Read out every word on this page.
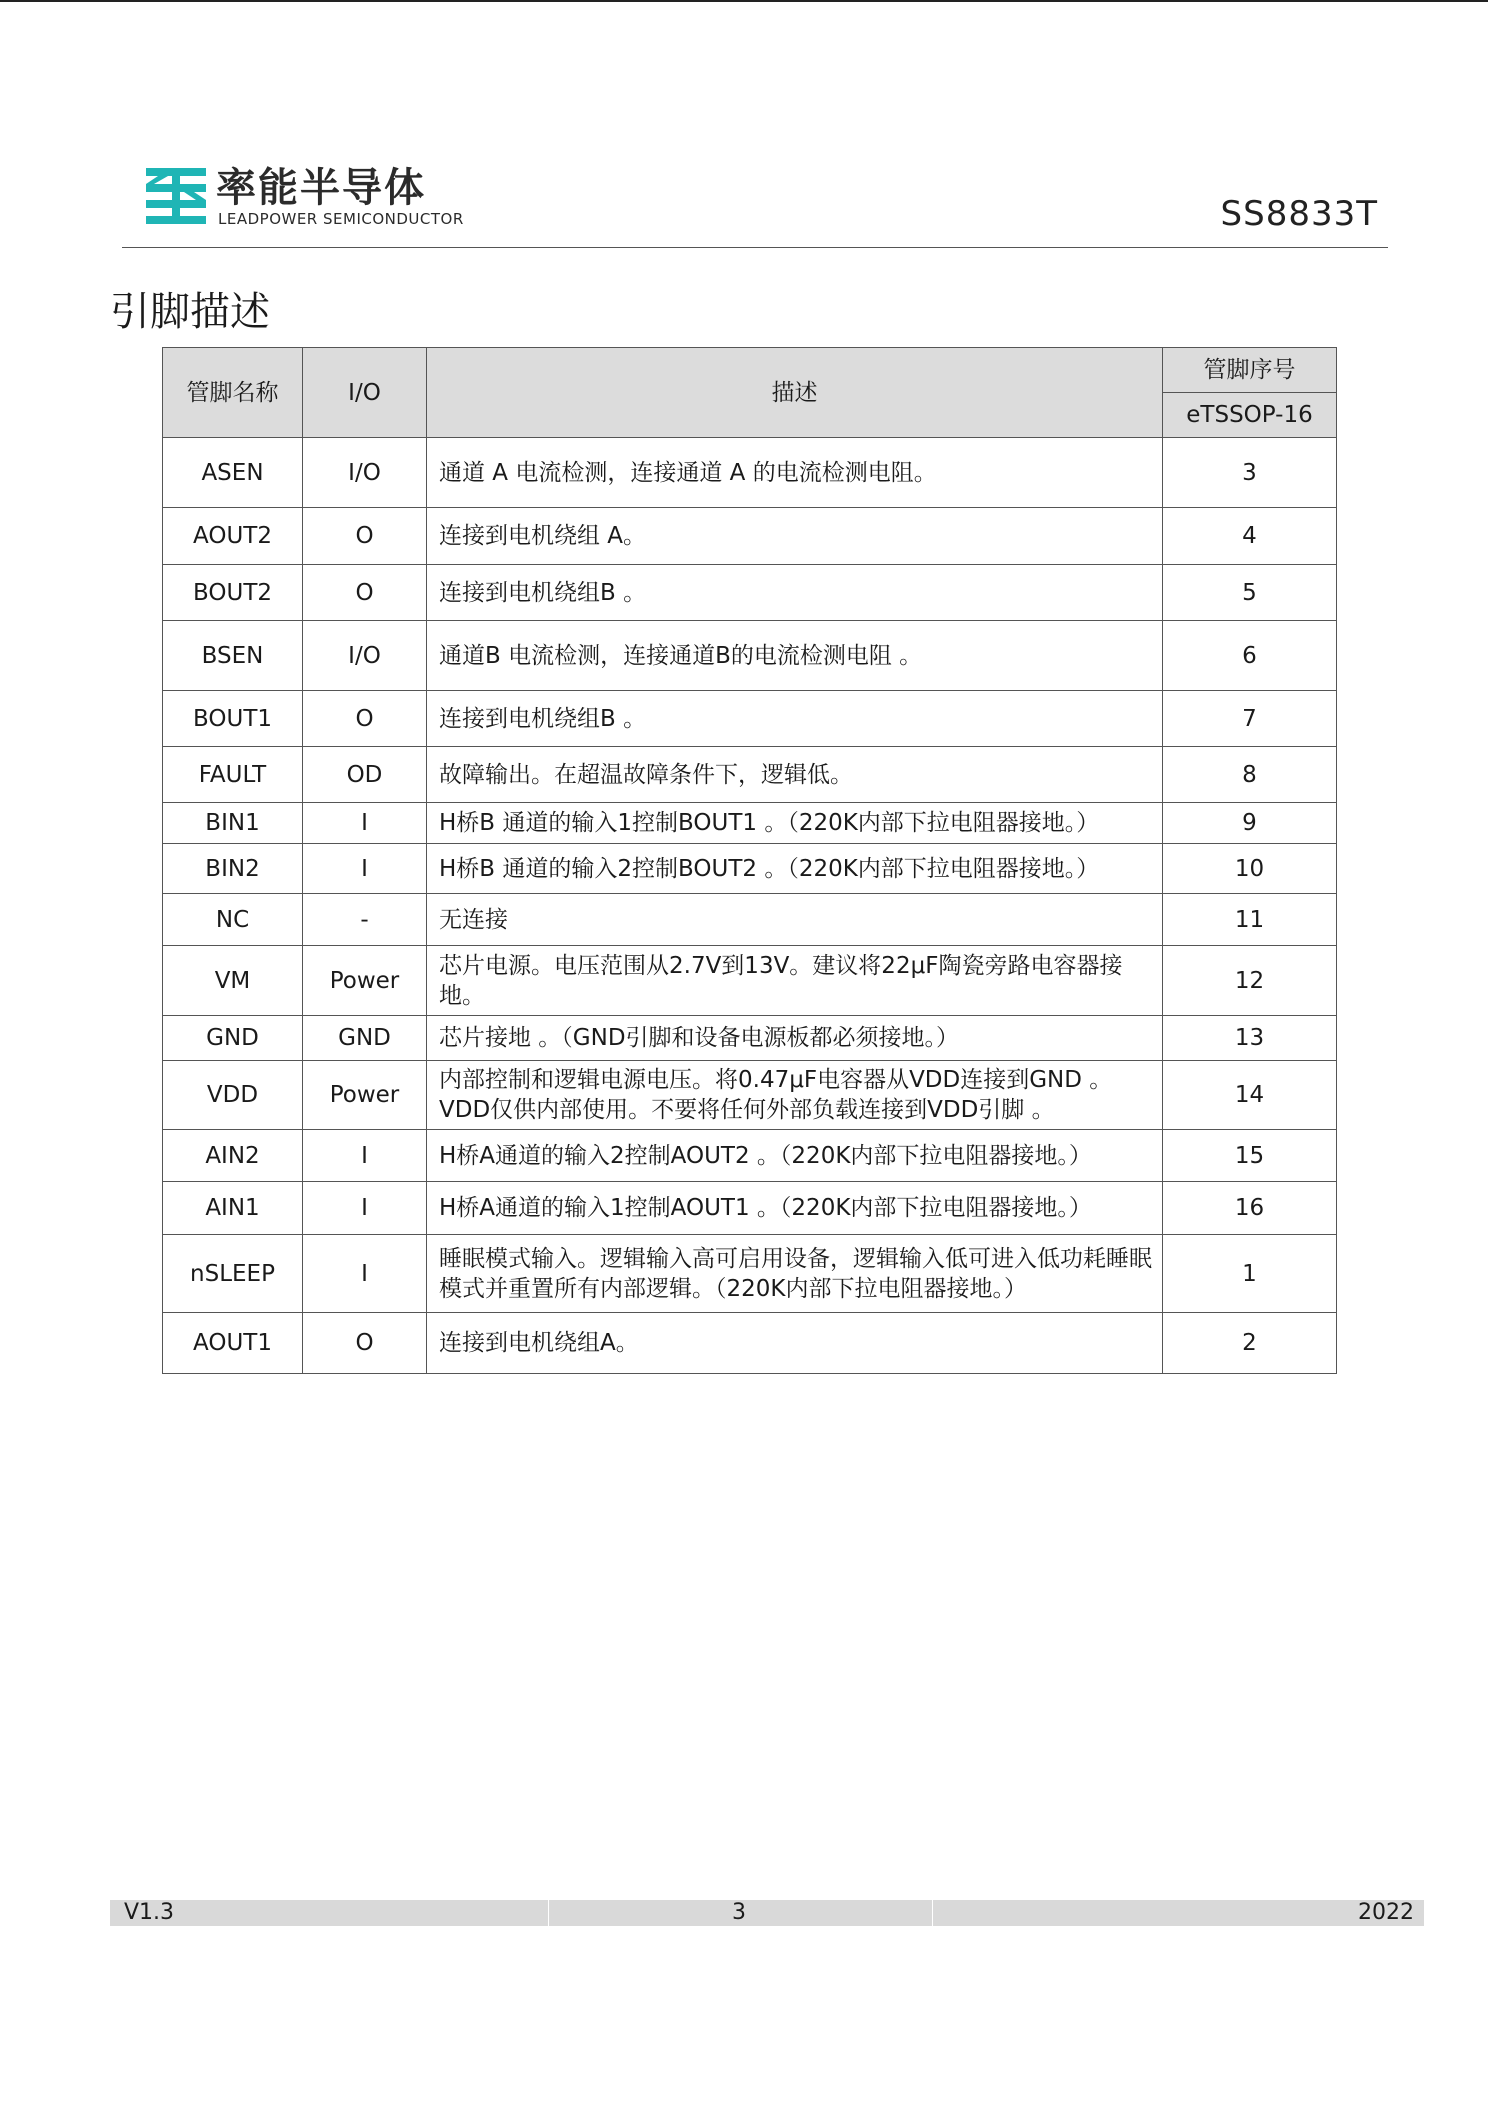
率能半导体
LEADPOWER SEMICONDUCTOR	SS8833T
引脚描述
管脚名称	I/O	描述	管脚序号
			eTSSOP-16
ASEN	I/O	通道 A 电流检测，连接通道 A 的电流检测电阻。	3
AOUT2	O	连接到电机绕组 A。	4
BOUT2	O	连接到电机绕组B 。	5
BSEN	I/O	通道B 电流检测，连接通道B的电流检测电阻 。	6
BOUT1	O	连接到电机绕组B 。	7
FAULT	OD	故障输出。在超温故障条件下，逻辑低。	8
BIN1	I	H桥B 通道的输入1控制BOUT1 。（220K内部下拉电阻器接地。）	9
BIN2	I	H桥B 通道的输入2控制BOUT2 。（220K内部下拉电阻器接地。）	10
NC	-	无连接	11
VM	Power	芯片电源。电压范围从2.7V到13V。建议将22μF陶瓷旁路电容器接地。	12
GND	GND	芯片接地 。（GND引脚和设备电源板都必须接地。）	13
VDD	Power	内部控制和逻辑电源电压。将0.47μF电容器从VDD连接到GND 。VDD仅供内部使用。不要将任何外部负载连接到VDD引脚 。	14
AIN2	I	H桥A通道的输入2控制AOUT2 。（220K内部下拉电阻器接地。）	15
AIN1	I	H桥A通道的输入1控制AOUT1 。（220K内部下拉电阻器接地。）	16
nSLEEP	I	睡眠模式输入。逻辑输入高可启用设备，逻辑输入低可进入低功耗睡眠模式并重置所有内部逻辑。（220K内部下拉电阻器接地。）	1
AOUT1	O	连接到电机绕组A。	2
V1.3	3	2022
